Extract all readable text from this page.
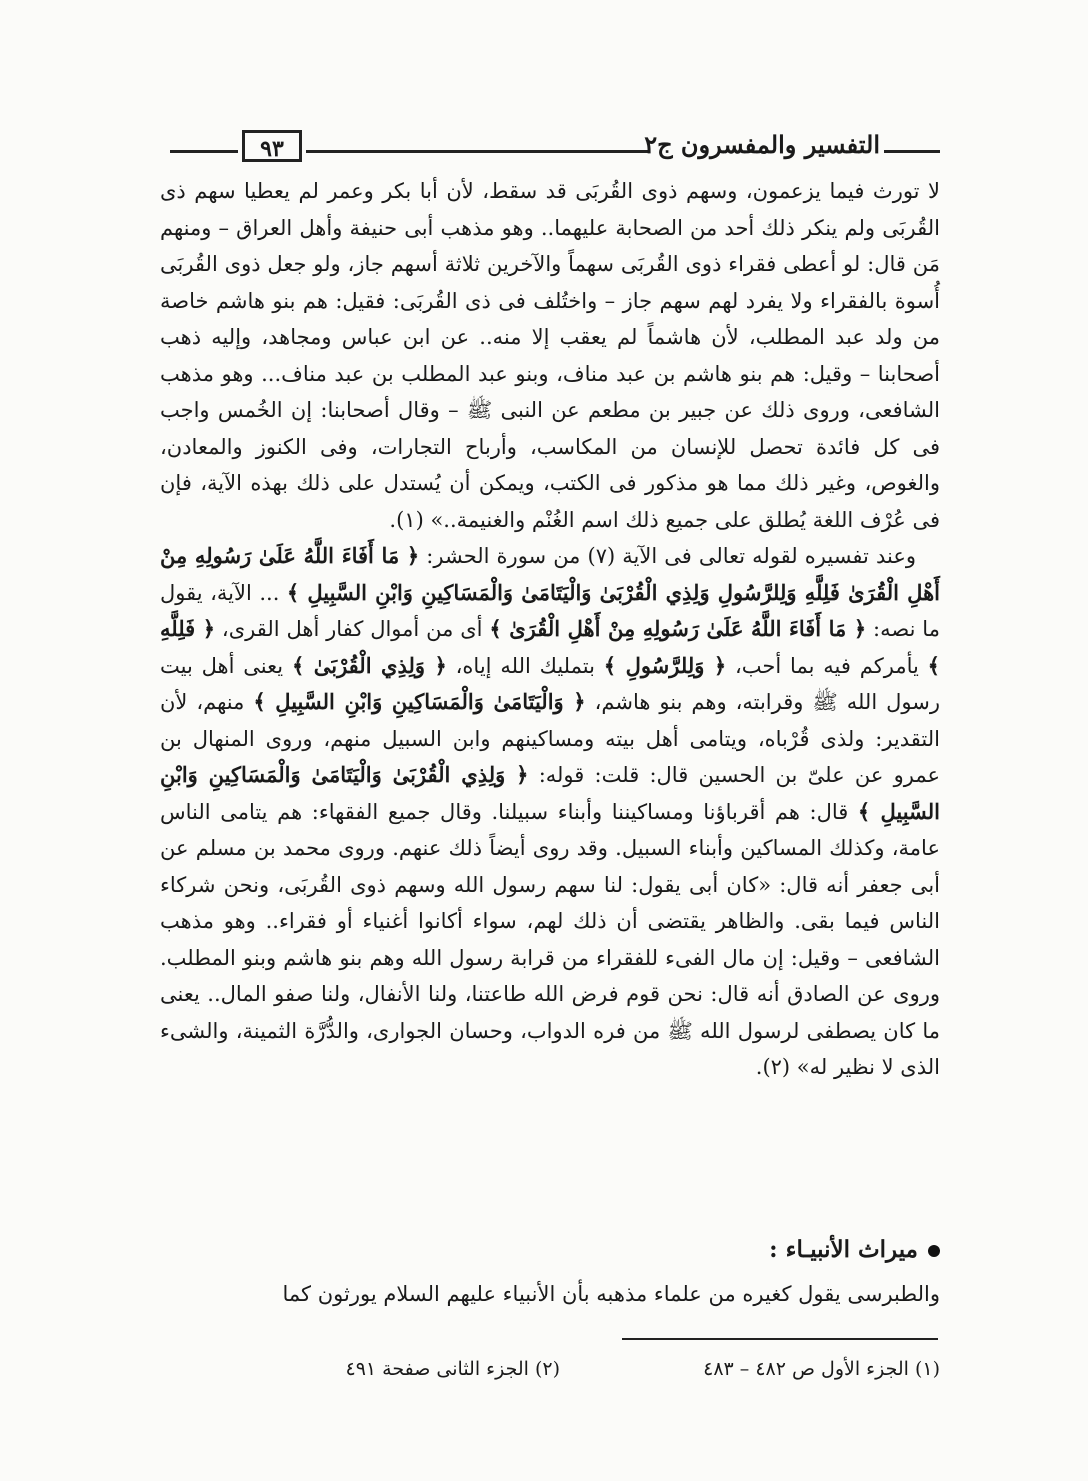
٩٣	التفسير والمفسرون ج٢

لا تورث فيما يزعمون، وسهم ذوى القُربَى قد سقط، لأن أبا بكر وعمر لم يعطيا سهم ذى القُربَى ولم ينكر ذلك أحد من الصحابة عليهما.. وهو مذهب أبى حنيفة وأهل العراق – ومنهم مَن قال: لو أعطى فقراء ذوى القُربَى سهماً والآخرين ثلاثة أسهم جاز، ولو جعل ذوى القُربَى أُسوة بالفقراء ولا يفرد لهم سهم جاز – واختُلف فى ذى القُربَى: فقيل: هم بنو هاشم خاصة من ولد عبد المطلب، لأن هاشماً لم يعقب إلا منه.. عن ابن عباس ومجاهد، وإليه ذهب أصحابنا – وقيل: هم بنو هاشم بن عبد مناف، وبنو عبد المطلب بن عبد مناف... وهو مذهب الشافعى، وروى ذلك عن جبير بن مطعم عن النبى ﷺ – وقال أصحابنا: إن الخُمس واجب فى كل فائدة تحصل للإنسان من المكاسب، وأرباح التجارات، وفى الكنوز والمعادن، والغوص، وغير ذلك مما هو مذكور فى الكتب، ويمكن أن يُستدل على ذلك بهذه الآية، فإن فى عُرْف اللغة يُطلق على جميع ذلك اسم الغُنْم والغنيمة..» (١).

وعند تفسيره لقوله تعالى فى الآية (٧) من سورة الحشر: ﴿ مَا أَفَاءَ اللَّهُ عَلَىٰ رَسُولِهِ مِنْ أَهْلِ الْقُرَىٰ فَلِلَّهِ وَلِلرَّسُولِ وَلِذِي الْقُرْبَىٰ وَالْيَتَامَىٰ وَالْمَسَاكِينِ وَابْنِ السَّبِيلِ ﴾ ... الآية، يقول ما نصه: ﴿ مَا أَفَاءَ اللَّهُ عَلَىٰ رَسُولِهِ مِنْ أَهْلِ الْقُرَىٰ ﴾ أى من أموال كفار أهل القرى، ﴿ فَلِلَّهِ ﴾ يأمركم فيه بما أحب، ﴿ وَلِلرَّسُولِ ﴾ بتمليك الله إياه، ﴿ وَلِذِي الْقُرْبَىٰ ﴾ يعنى أهل بيت رسول الله ﷺ وقرابته، وهم بنو هاشم، ﴿ وَالْيَتَامَىٰ وَالْمَسَاكِينِ وَابْنِ السَّبِيلِ ﴾ منهم، لأن التقدير: ولذى قُرْباه، ويتامى أهل بيته ومساكينهم وابن السبيل منهم، وروى المنهال بن عمرو عن علىّ بن الحسين قال: قلت: قوله: ﴿ وَلِذِي الْقُرْبَىٰ وَالْيَتَامَىٰ وَالْمَسَاكِينِ وَابْنِ السَّبِيلِ ﴾ قال: هم أقرباؤنا ومساكيننا وأبناء سبيلنا. وقال جميع الفقهاء: هم يتامى الناس عامة، وكذلك المساكين وأبناء السبيل. وقد روى أيضاً ذلك عنهم. وروى محمد بن مسلم عن أبى جعفر أنه قال: «كان أبى يقول: لنا سهم رسول الله وسهم ذوى القُربَى، ونحن شركاء الناس فيما بقى. والظاهر يقتضى أن ذلك لهم، سواء أكانوا أغنياء أو فقراء.. وهو مذهب الشافعى – وقيل: إن مال الفىء للفقراء من قرابة رسول الله وهم بنو هاشم وبنو المطلب. وروى عن الصادق أنه قال: نحن قوم فرض الله طاعتنا، ولنا الأنفال، ولنا صفو المال.. يعنى ما كان يصطفى لرسول الله ﷺ من فره الدواب، وحسان الجوارى، والدُّرَّة الثمينة، والشىء الذى لا نظير له» (٢).

ميراث الأنبيـاء :
والطبرسى يقول كغيره من علماء مذهبه بأن الأنبياء عليهم السلام يورثون كما
(١) الجزء الأول ص ٤٨٢ – ٤٨٣
(٢) الجزء الثانى صفحة ٤٩١
